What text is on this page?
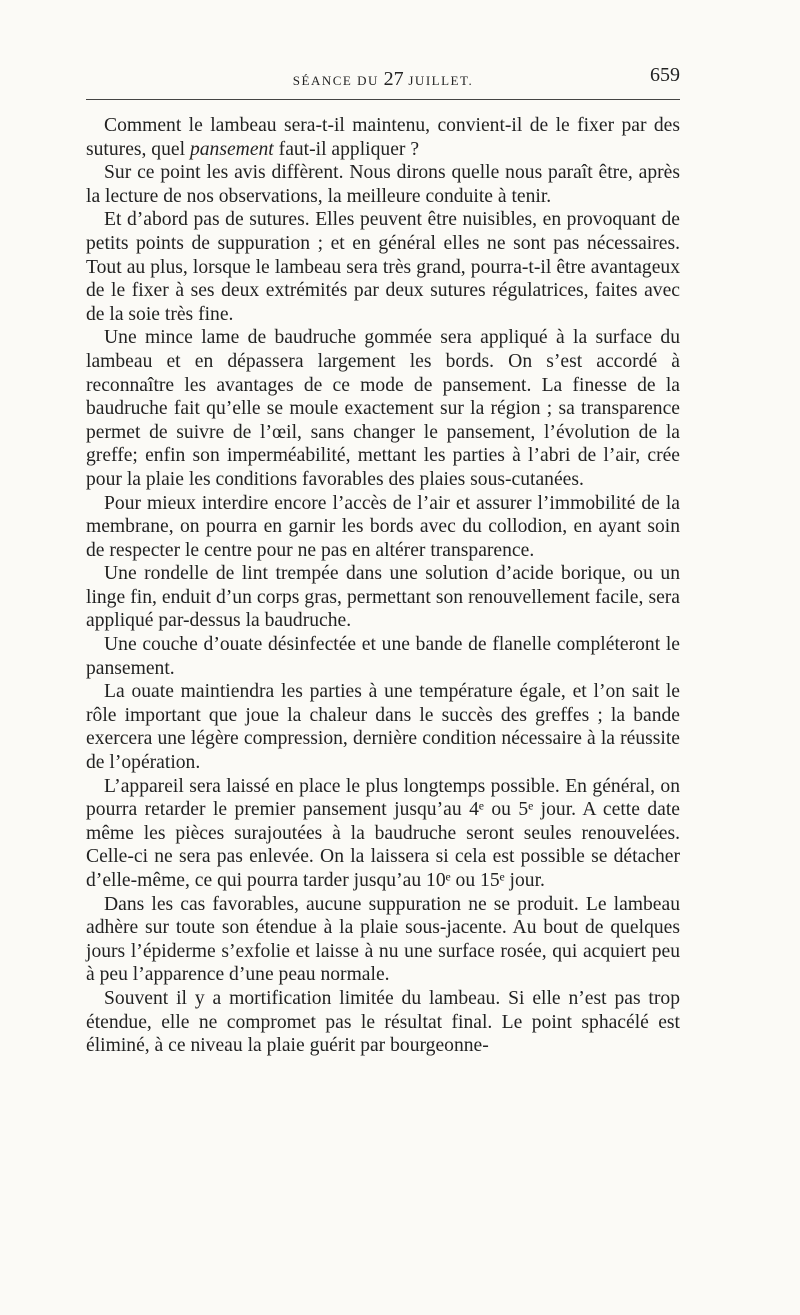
SÉANCE DU 27 JUILLET.	659

Comment le lambeau sera-t-il maintenu, convient-il de le fixer par des sutures, quel pansement faut-il appliquer ?

Sur ce point les avis diffèrent. Nous dirons quelle nous paraît être, après la lecture de nos observations, la meilleure conduite à tenir.

Et d’abord pas de sutures. Elles peuvent être nuisibles, en provoquant de petits points de suppuration ; et en général elles ne sont pas nécessaires. Tout au plus, lorsque le lambeau sera très grand, pourra-t-il être avantageux de le fixer à ses deux extrémités par deux sutures régulatrices, faites avec de la soie très fine.

Une mince lame de baudruche gommée sera appliqué à la surface du lambeau et en dépassera largement les bords. On s’est accordé à reconnaître les avantages de ce mode de pansement. La finesse de la baudruche fait qu’elle se moule exactement sur la région ; sa transparence permet de suivre de l’œil, sans changer le pansement, l’évolution de la greffe; enfin son imperméabilité, mettant les parties à l’abri de l’air, crée pour la plaie les conditions favorables des plaies sous-cutanées.

Pour mieux interdire encore l’accès de l’air et assurer l’immobilité de la membrane, on pourra en garnir les bords avec du collodion, en ayant soin de respecter le centre pour ne pas en altérer transparence.

Une rondelle de lint trempée dans une solution d’acide borique, ou un linge fin, enduit d’un corps gras, permettant son renouvellement facile, sera appliqué par-dessus la baudruche.

Une couche d’ouate désinfectée et une bande de flanelle compléteront le pansement.

La ouate maintiendra les parties à une température égale, et l’on sait le rôle important que joue la chaleur dans le succès des greffes ; la bande exercera une légère compression, dernière condition nécessaire à la réussite de l’opération.

L’appareil sera laissé en place le plus longtemps possible. En général, on pourra retarder le premier pansement jusqu’au 4ᵉ ou 5ᵉ jour. A cette date même les pièces surajoutées à la baudruche seront seules renouvelées. Celle-ci ne sera pas enlevée. On la laissera si cela est possible se détacher d’elle-même, ce qui pourra tarder jusqu’au 10ᵉ ou 15ᵉ jour.

Dans les cas favorables, aucune suppuration ne se produit. Le lambeau adhère sur toute son étendue à la plaie sous-jacente. Au bout de quelques jours l’épiderme s’exfolie et laisse à nu une surface rosée, qui acquiert peu à peu l’apparence d’une peau normale.

Souvent il y a mortification limitée du lambeau. Si elle n’est pas trop étendue, elle ne compromet pas le résultat final. Le point sphacélé est éliminé, à ce niveau la plaie guérit par bourgeonne-
